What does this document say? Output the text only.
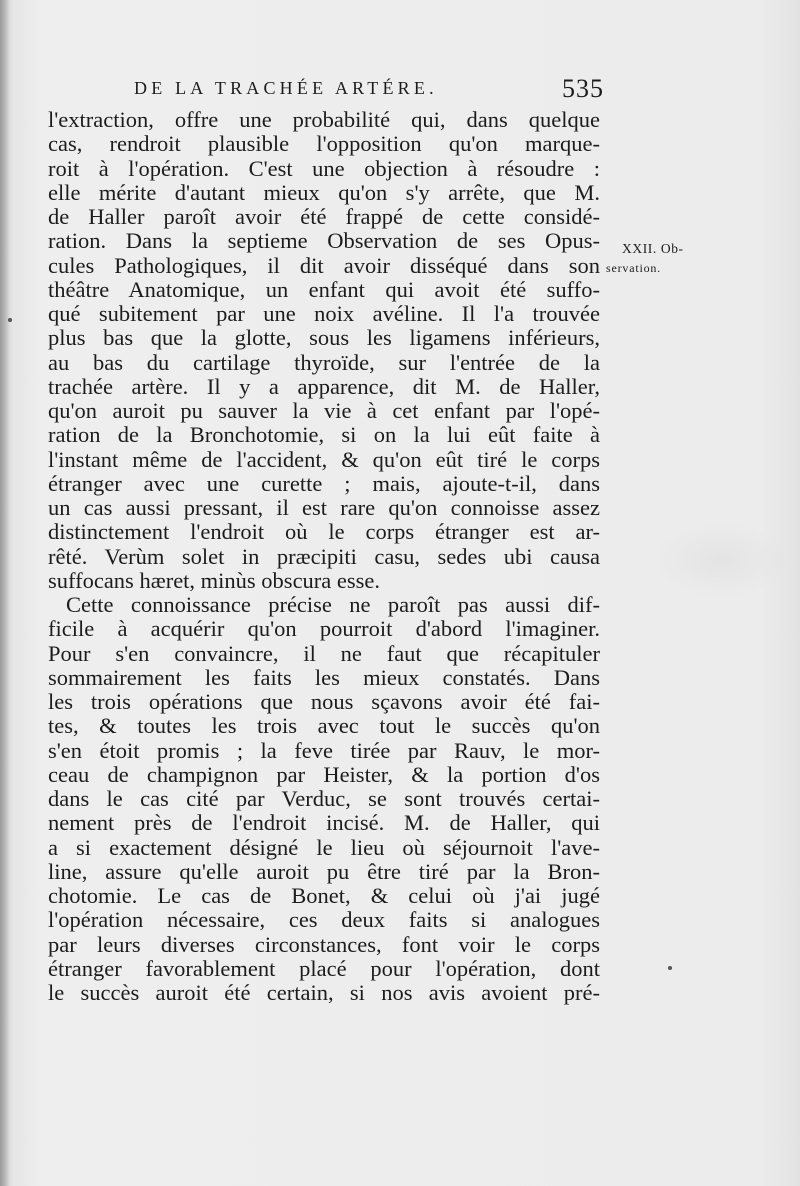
DE LA TRACHÉE ARTÉRE.	535
l'extraction, offre une probabilité qui, dans quelque
cas, rendroit plausible l'opposition qu'on marque-
roit à l'opération. C'est une objection à résoudre :
elle mérite d'autant mieux qu'on s'y arrête, que M.
de Haller paroît avoir été frappé de cette considé-
ration. Dans la septieme Observation de ses Opus-
cules Pathologiques, il dit avoir disséqué dans son
théâtre Anatomique, un enfant qui avoit été suffo-
qué subitement par une noix avéline. Il l'a trouvée
plus bas que la glotte, sous les ligamens inférieurs,
au bas du cartilage thyroïde, sur l'entrée de la
trachée artère. Il y a apparence, dit M. de Haller,
qu'on auroit pu sauver la vie à cet enfant par l'opé-
ration de la Bronchotomie, si on la lui eût faite à
l'instant même de l'accident, & qu'on eût tiré le corps
étranger avec une curette ; mais, ajoute-t-il, dans
un cas aussi pressant, il est rare qu'on connoisse assez
distinctement l'endroit où le corps étranger est ar-
rêté. Verùm solet in præcipiti casu, sedes ubi causa
suffocans hæret, minùs obscura esse.
Cette connoissance précise ne paroît pas aussi dif-
ficile à acquérir qu'on pourroit d'abord l'imaginer.
Pour s'en convaincre, il ne faut que récapituler
sommairement les faits les mieux constatés. Dans
les trois opérations que nous sçavons avoir été fai-
tes, & toutes les trois avec tout le succès qu'on
s'en étoit promis ; la feve tirée par Rauv, le mor-
ceau de champignon par Heister, & la portion d'os
dans le cas cité par Verduc, se sont trouvés certai-
nement près de l'endroit incisé. M. de Haller, qui
a si exactement désigné le lieu où séjournoit l'ave-
line, assure qu'elle auroit pu être tiré par la Bron-
chotomie. Le cas de Bonet, & celui où j'ai jugé
l'opération nécessaire, ces deux faits si analogues
par leurs diverses circonstances, font voir le corps
étranger favorablement placé pour l'opération, dont
le succès auroit été certain, si nos avis avoient pré-
XXII. Ob-
servation.
